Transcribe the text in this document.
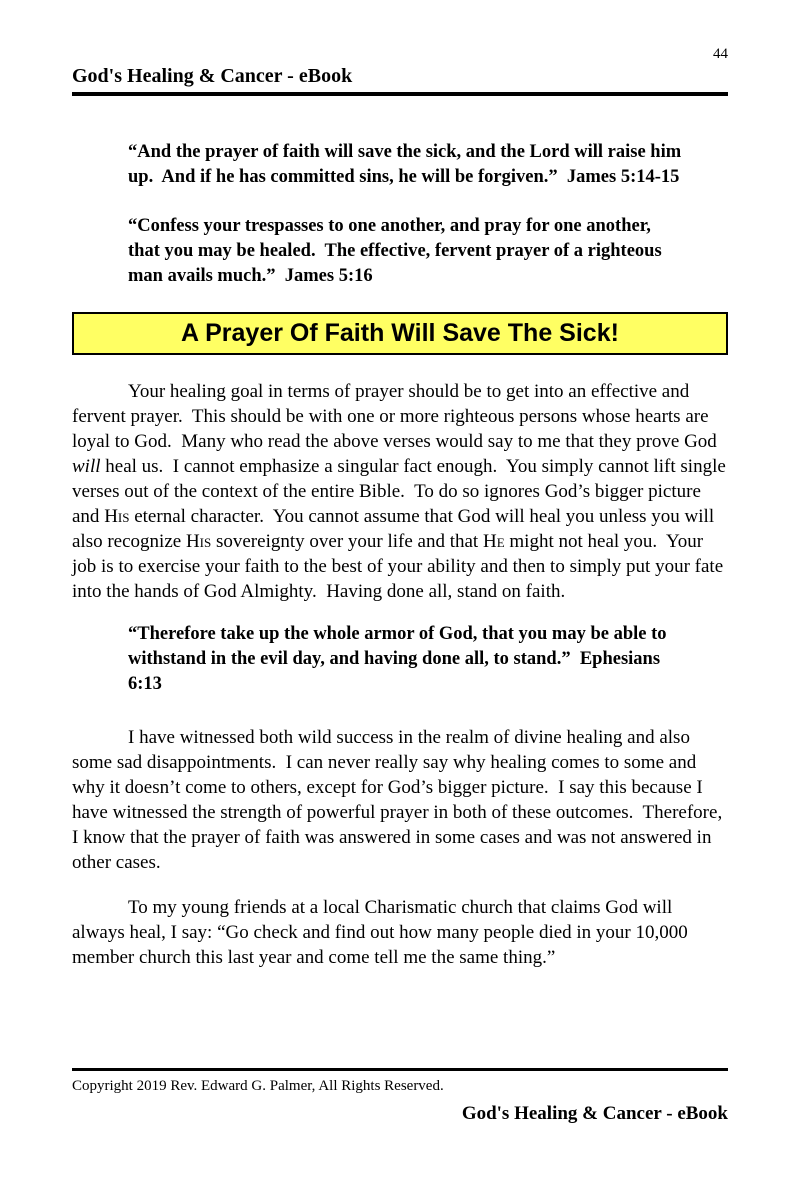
44
God's Healing & Cancer - eBook

“And the prayer of faith will save the sick, and the Lord will raise him up.  And if he has committed sins, he will be forgiven.”  James 5:14-15

“Confess your trespasses to one another, and pray for one another, that you may be healed.  The effective, fervent prayer of a righteous man avails much.”  James 5:16

A Prayer Of Faith Will Save The Sick!

Your healing goal in terms of prayer should be to get into an effective and fervent prayer.  This should be with one or more righteous persons whose hearts are loyal to God.  Many who read the above verses would say to me that they prove God will heal us.  I cannot emphasize a singular fact enough.  You simply cannot lift single verses out of the context of the entire Bible.  To do so ignores God’s bigger picture and His eternal character.  You cannot assume that God will heal you unless you will also recognize His sovereignty over your life and that He might not heal you.  Your job is to exercise your faith to the best of your ability and then to simply put your fate into the hands of God Almighty.  Having done all, stand on faith.

“Therefore take up the whole armor of God, that you may be able to withstand in the evil day, and having done all, to stand.”  Ephesians 6:13

I have witnessed both wild success in the realm of divine healing and also some sad disappointments.  I can never really say why healing comes to some and why it doesn’t come to others, except for God’s bigger picture.  I say this because I have witnessed the strength of powerful prayer in both of these outcomes.  Therefore, I know that the prayer of faith was answered in some cases and was not answered in other cases.

To my young friends at a local Charismatic church that claims God will always heal, I say: “Go check and find out how many people died in your 10,000 member church this last year and come tell me the same thing.”

Copyright 2019 Rev. Edward G. Palmer, All Rights Reserved.
God's Healing & Cancer - eBook
